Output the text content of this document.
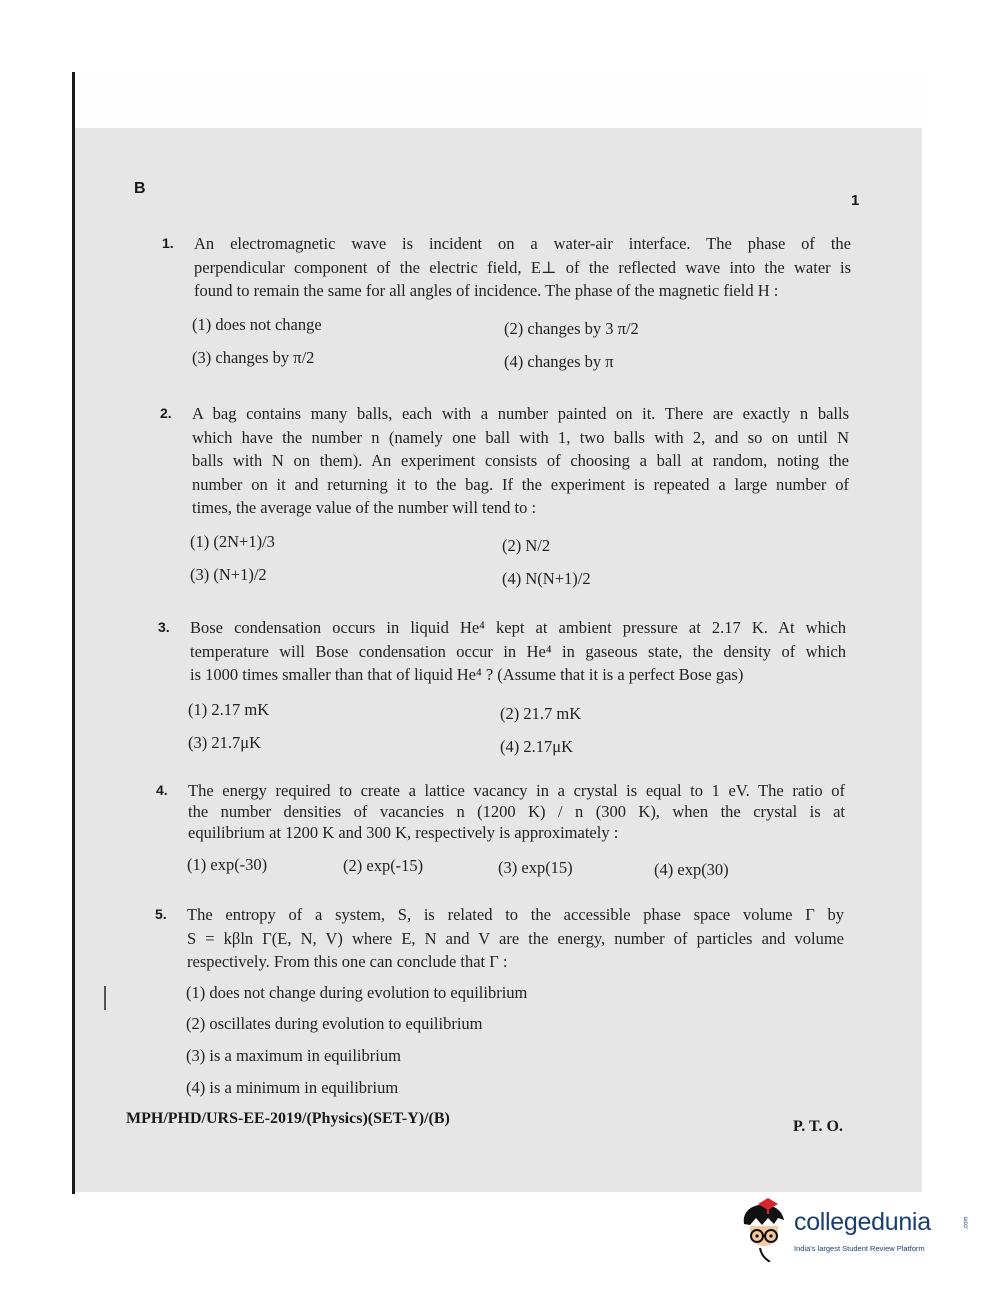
B
1
1. An electromagnetic wave is incident on a water-air interface. The phase of the
perpendicular component of the electric field, E⊥ of the reflected wave into the water is
found to remain the same for all angles of incidence. The phase of the magnetic field H :
(1) does not change	(2) changes by 3 π/2
(3) changes by π/2	(4) changes by π
2. A bag contains many balls, each with a number painted on it. There are exactly n balls
which have the number n (namely one ball with 1, two balls with 2, and so on until N
balls with N on them). An experiment consists of choosing a ball at random, noting the
number on it and returning it to the bag. If the experiment is repeated a large number of
times, the average value of the number will tend to :
(1) (2N+1)/3	(2) N/2
(3) (N+1)/2	(4) N(N+1)/2
3. Bose condensation occurs in liquid He⁴ kept at ambient pressure at 2.17 K. At which
temperature will Bose condensation occur in He⁴ in gaseous state, the density of which
is 1000 times smaller than that of liquid He⁴ ? (Assume that it is a perfect Bose gas)
(1) 2.17 mK	(2) 21.7 mK
(3) 21.7μK	(4) 2.17μK
4. The energy required to create a lattice vacancy in a crystal is equal to 1 eV. The ratio of
the number densities of vacancies n (1200 K) / n (300 K), when the crystal is at
equilibrium at 1200 K and 300 K, respectively is approximately :
(1) exp(-30)	(2) exp(-15)	(3) exp(15)	(4) exp(30)
5. The entropy of a system, S, is related to the accessible phase space volume Γ by
S = kβln Γ(E, N, V) where E, N and V are the energy, number of particles and volume
respectively. From this one can conclude that Γ :
(1) does not change during evolution to equilibrium
(2) oscillates during evolution to equilibrium
(3) is a maximum in equilibrium
(4) is a minimum in equilibrium
MPH/PHD/URS-EE-2019/(Physics)(SET-Y)/(B)	P. T. O.
collegedunia	.com
India's largest Student Review Platform
